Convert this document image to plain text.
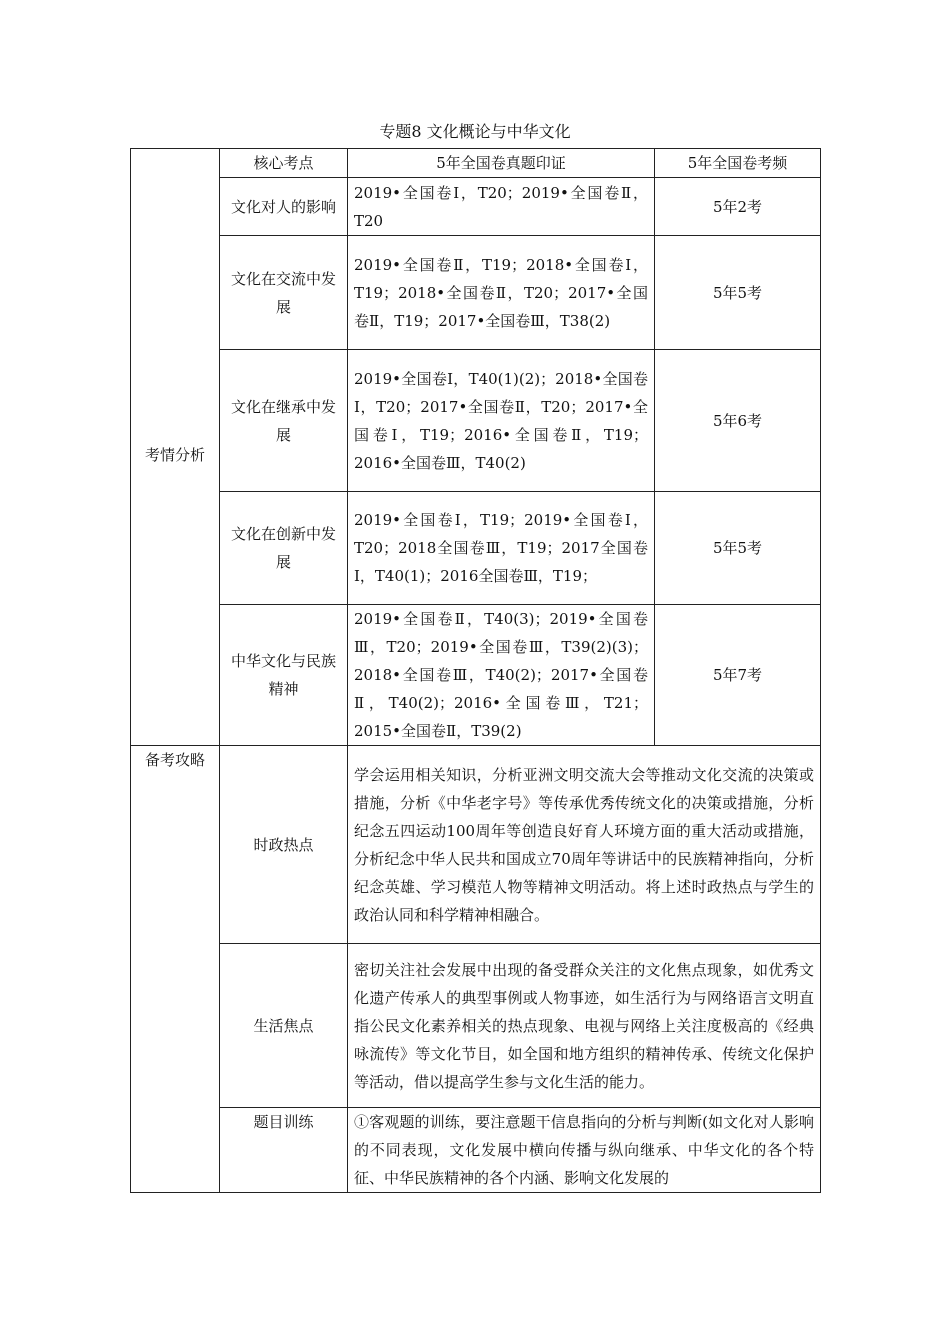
专题8 文化概论与中华文化
考情分析	核心考点	5年全国卷真题印证	5年全国卷考频
	文化对人的影响	2019•全国卷Ⅰ，T20；2019•全国卷Ⅱ，T20	5年2考
	文化在交流中发展	2019•全国卷Ⅱ，T19；2018•全国卷Ⅰ，T19；2018•全国卷Ⅱ，T20；2017•全国卷Ⅱ，T19；2017•全国卷Ⅲ，T38(2)	5年5考
	文化在继承中发展	2019•全国卷Ⅰ，T40(1)(2)；2018•全国卷Ⅰ，T20；2017•全国卷Ⅱ，T20；2017•全国卷Ⅰ，T19；2016•全国卷Ⅱ，T19；2016•全国卷Ⅲ，T40(2)	5年6考
	文化在创新中发展	2019•全国卷Ⅰ，T19；2019•全国卷Ⅰ，T20；2018全国卷Ⅲ，T19；2017全国卷Ⅰ，T40(1)；2016全国卷Ⅲ，T19；	5年5考
	中华文化与民族精神	2019•全国卷Ⅱ，T40(3)；2019•全国卷Ⅲ，T20；2019•全国卷Ⅲ，T39(2)(3)；2018•全国卷Ⅲ，T40(2)；2017•全国卷Ⅱ，T40(2)；2016•全国卷Ⅲ，T21；2015•全国卷Ⅱ，T39(2)	5年7考
备考攻略	时政热点	学会运用相关知识，分析亚洲文明交流大会等推动文化交流的决策或措施，分析《中华老字号》等传承优秀传统文化的决策或措施，分析纪念五四运动100周年等创造良好育人环境方面的重大活动或措施，分析纪念中华人民共和国成立70周年等讲话中的民族精神指向，分析纪念英雄、学习模范人物等精神文明活动。将上述时政热点与学生的政治认同和科学精神相融合。	
	生活焦点	密切关注社会发展中出现的备受群众关注的文化焦点现象，如优秀文化遗产传承人的典型事例或人物事迹，如生活行为与网络语言文明直指公民文化素养相关的热点现象、电视与网络上关注度极高的《经典咏流传》等文化节目，如全国和地方组织的精神传承、传统文化保护等活动，借以提高学生参与文化生活的能力。	
	题目训练	①客观题的训练，要注意题干信息指向的分析与判断(如文化对人影响的不同表现，文化发展中横向传播与纵向继承、中华文化的各个特征、中华民族精神的各个内涵、影响文化发展的	
